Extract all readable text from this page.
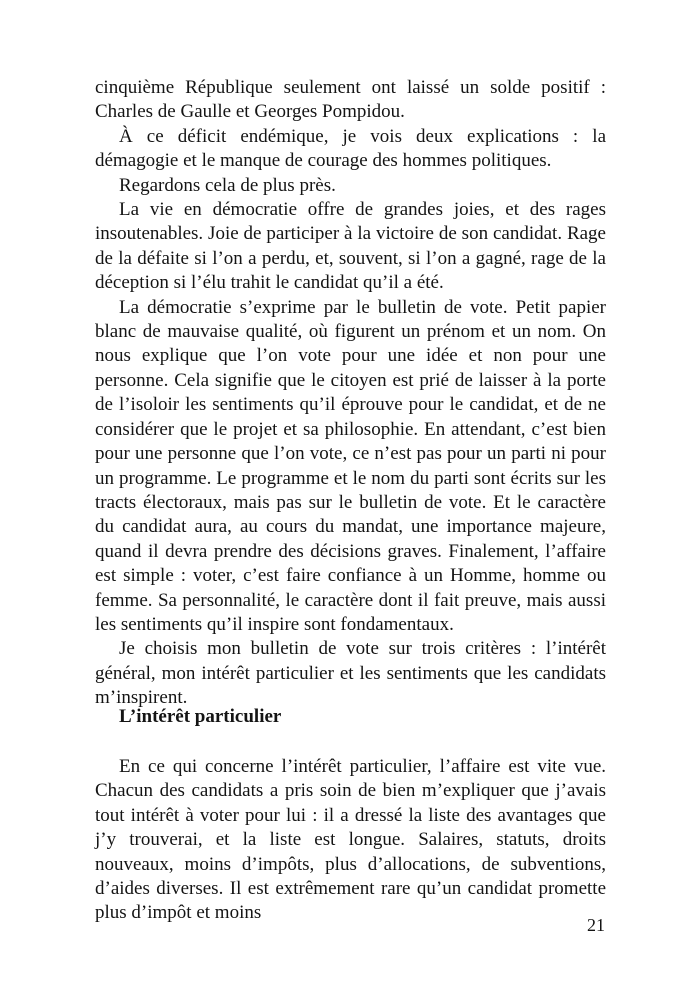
cinquième République seulement ont laissé un solde positif : Charles de Gaulle et Georges Pompidou.

À ce déficit endémique, je vois deux explications : la démagogie et le manque de courage des hommes politiques.

Regardons cela de plus près.

La vie en démocratie offre de grandes joies, et des rages insoutenables. Joie de participer à la victoire de son candidat. Rage de la défaite si l’on a perdu, et, souvent, si l’on a gagné, rage de la déception si l’élu trahit le candidat qu’il a été.

La démocratie s’exprime par le bulletin de vote. Petit papier blanc de mauvaise qualité, où figurent un prénom et un nom. On nous explique que l’on vote pour une idée et non pour une personne. Cela signifie que le citoyen est prié de laisser à la porte de l’isoloir les sentiments qu’il éprouve pour le candidat, et de ne considérer que le projet et sa philosophie. En attendant, c’est bien pour une personne que l’on vote, ce n’est pas pour un parti ni pour un programme. Le programme et le nom du parti sont écrits sur les tracts électoraux, mais pas sur le bulletin de vote. Et le caractère du candidat aura, au cours du mandat, une importance majeure, quand il devra prendre des décisions graves. Finalement, l’affaire est simple : voter, c’est faire confiance à un Homme, homme ou femme. Sa personnalité, le caractère dont il fait preuve, mais aussi les sentiments qu’il inspire sont fondamentaux.

Je choisis mon bulletin de vote sur trois critères : l’intérêt général, mon intérêt particulier et les sentiments que les candidats m’inspirent.

L’intérêt particulier

En ce qui concerne l’intérêt particulier, l’affaire est vite vue. Chacun des candidats a pris soin de bien m’expliquer que j’avais tout intérêt à voter pour lui : il a dressé la liste des avantages que j’y trouverai, et la liste est longue. Salaires, statuts, droits nouveaux, moins d’impôts, plus d’allocations, de subventions, d’aides diverses. Il est extrêmement rare qu’un candidat promette plus d’impôt et moins

21
